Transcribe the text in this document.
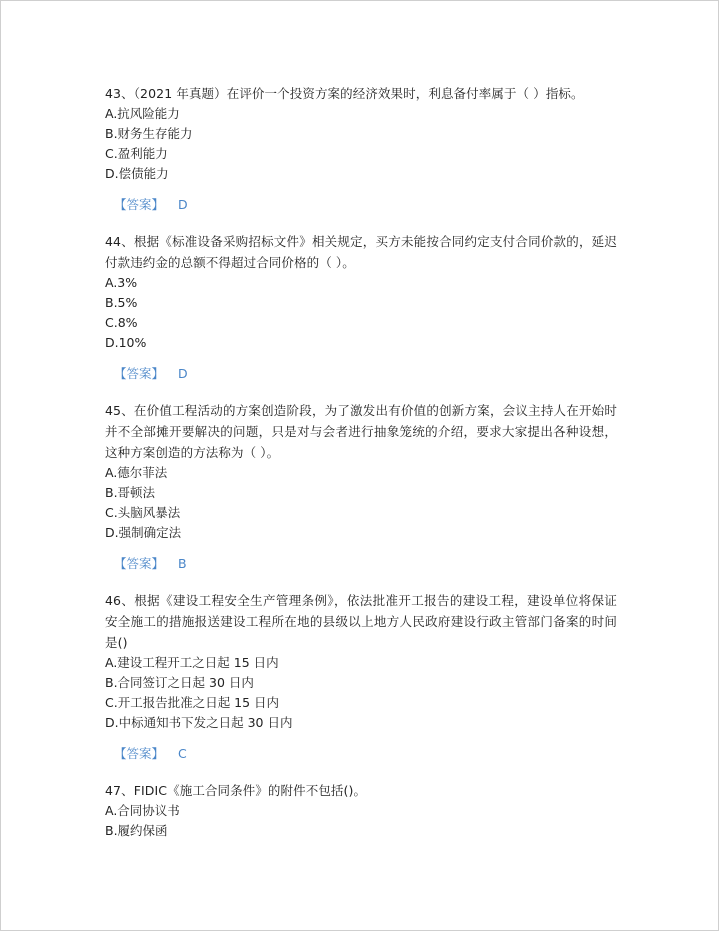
43、（2021 年真题）在评价一个投资方案的经济效果时，利息备付率属于（ ）指标。

A.抗风险能力

B.财务生存能力

C.盈利能力

D.偿债能力

【答案】 D

44、根据《标准设备采购招标文件》相关规定，买方未能按合同约定支付合同价款的，延迟付款违约金的总额不得超过合同价格的（ ）。

A.3%

B.5%

C.8%

D.10%

【答案】 D

45、在价值工程活动的方案创造阶段，为了激发出有价值的创新方案，会议主持人在开始时并不全部摊开要解决的问题，只是对与会者进行抽象笼统的介绍，要求大家提出各种设想，这种方案创造的方法称为（ ）。

A.德尔菲法

B.哥顿法

C.头脑风暴法

D.强制确定法

【答案】 B

46、根据《建设工程安全生产管理条例》，依法批准开工报告的建设工程，建设单位将保证安全施工的措施报送建设工程所在地的县级以上地方人民政府建设行政主管部门备案的时间是()

A.建设工程开工之日起 15 日内

B.合同签订之日起 30 日内

C.开工报告批准之日起 15 日内

D.中标通知书下发之日起 30 日内

【答案】 C

47、FIDIC《施工合同条件》的附件不包括()。

A.合同协议书

B.履约保函
